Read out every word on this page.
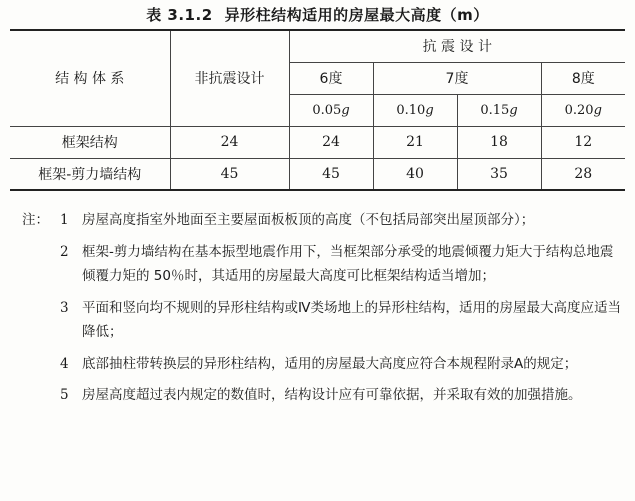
表 3.1.2 异形柱结构适用的房屋最大高度（m）
结 构 体 系	非抗震设计	抗 震 设 计			
		6度	7度		8度
		0.05g	0.10g	0.15g	0.20g
框架结构	24	24	21	18	12
框架-剪力墙结构	45	45	40	35	28
注： 1 房屋高度指室外地面至主要屋面板板顶的高度（不包括局部突出屋顶部分）；
2 框架-剪力墙结构在基本振型地震作用下，当框架部分承受的地震倾覆力矩大于结构总地震倾覆力矩的 50％时，其适用的房屋最大高度可比框架结构适当增加；
3 平面和竖向均不规则的异形柱结构或Ⅳ类场地上的异形柱结构，适用的房屋最大高度应适当降低；
4 底部抽柱带转换层的异形柱结构，适用的房屋最大高度应符合本规程附录A的规定；
5 房屋高度超过表内规定的数值时，结构设计应有可靠依据，并采取有效的加强措施。
